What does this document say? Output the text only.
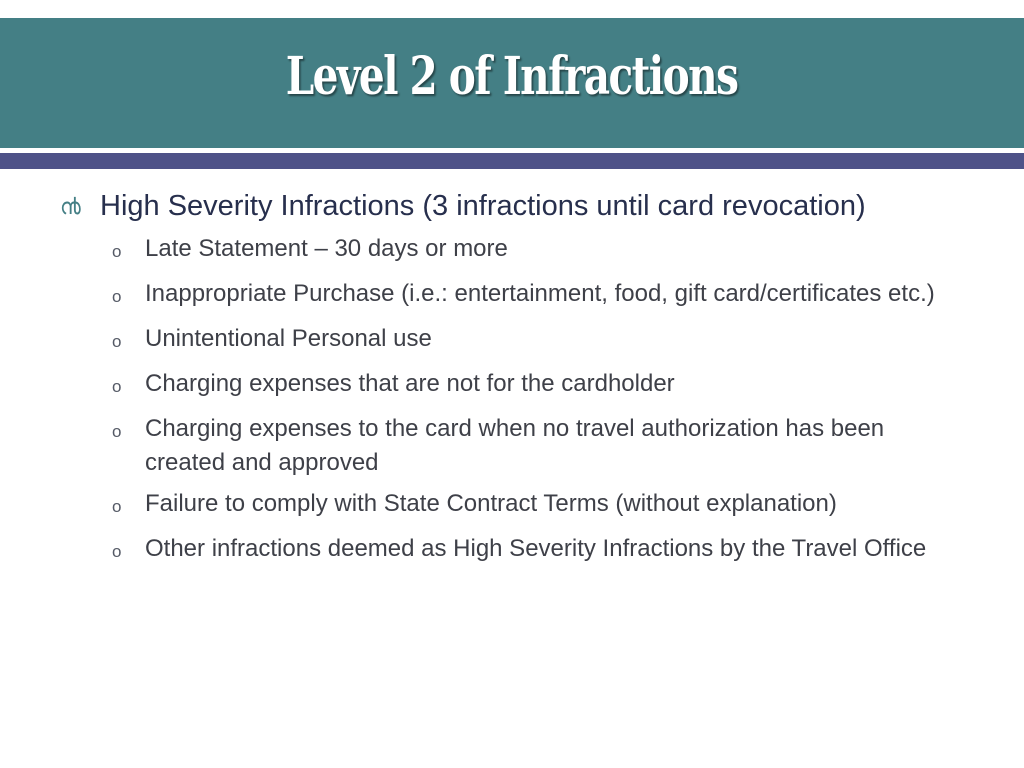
Level 2 of Infractions
൯ High Severity Infractions (3 infractions until card revocation)
o Late Statement – 30 days or more
o Inappropriate Purchase (i.e.: entertainment, food, gift card/certificates etc.)
o Unintentional Personal use
o Charging expenses that are not for the cardholder
o Charging expenses to the card when no travel authorization has been created and approved
o Failure to comply with State Contract Terms (without explanation)
o Other infractions deemed as High Severity Infractions by the Travel Office
